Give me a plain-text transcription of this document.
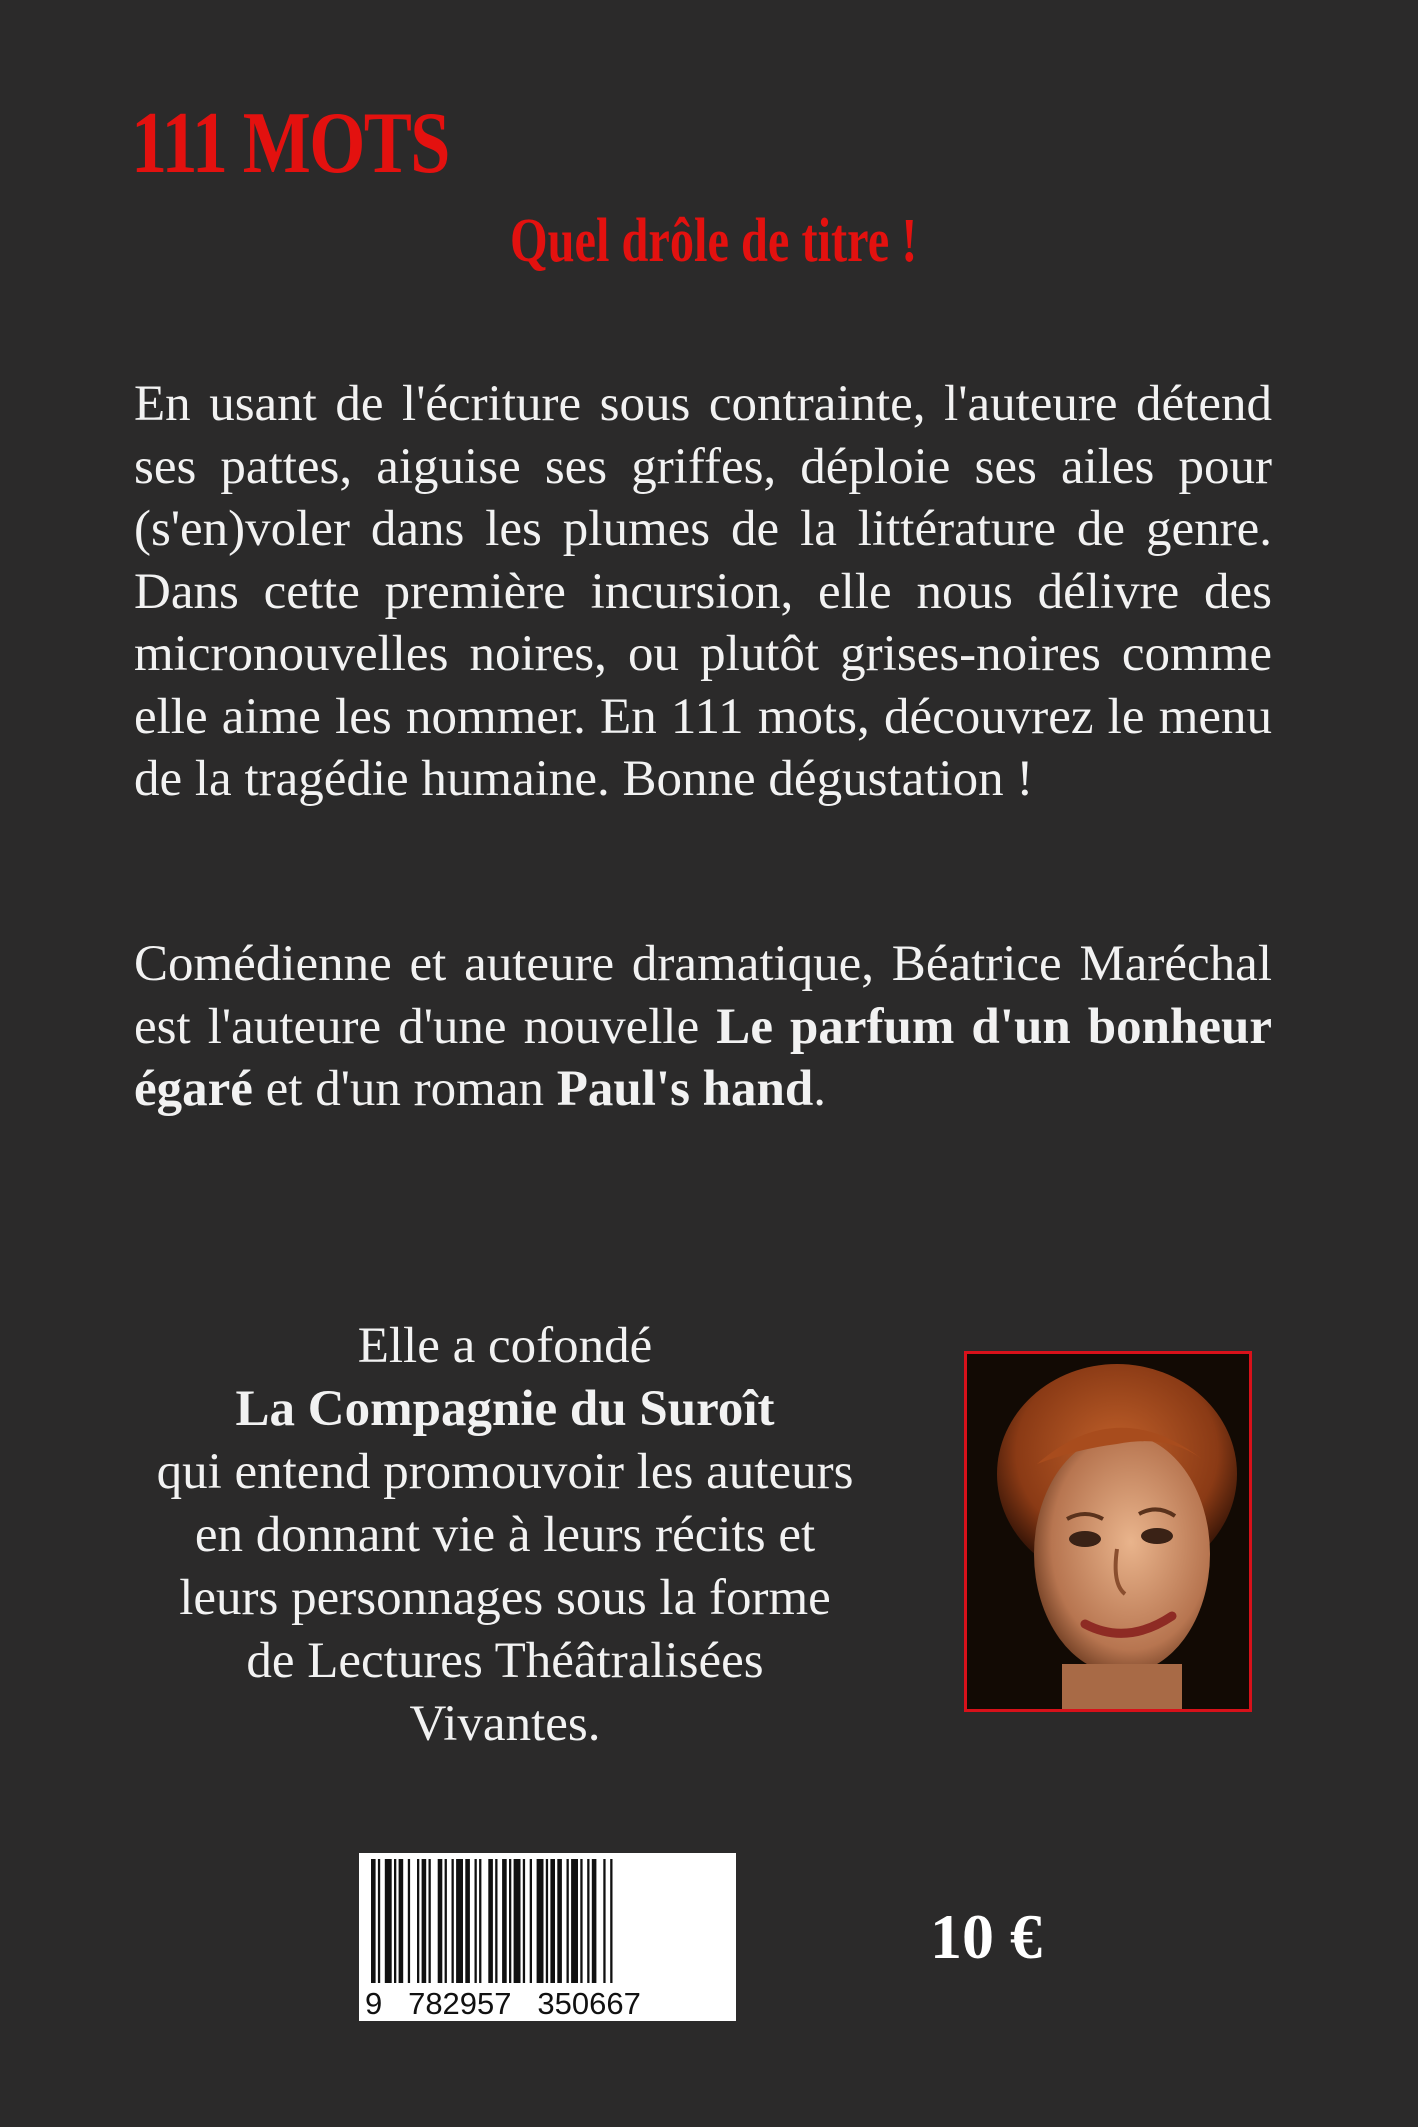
111 MOTS
Quel drôle de titre !
En usant de l'écriture sous contrainte, l'auteure détend ses pattes, aiguise ses griffes, déploie ses ailes pour (s'en)voler dans les plumes de la littérature de genre. Dans cette première incursion, elle nous délivre des micronouvelles noires, ou plutôt grises-noires comme elle aime les nommer. En 111 mots, découvrez le menu de la tragédie humaine. Bonne dégustation !
Comédienne et auteure dramatique, Béatrice Maréchal est l'auteure d'une nouvelle Le parfum d'un bonheur égaré et d'un roman Paul's hand.
Elle a cofondé
La Compagnie du Suroît
qui entend promouvoir les auteurs
en donnant vie à leurs récits et
leurs personnages sous la forme
de Lectures Théâtralisées
Vivantes.
9   782957   350667
10 €
